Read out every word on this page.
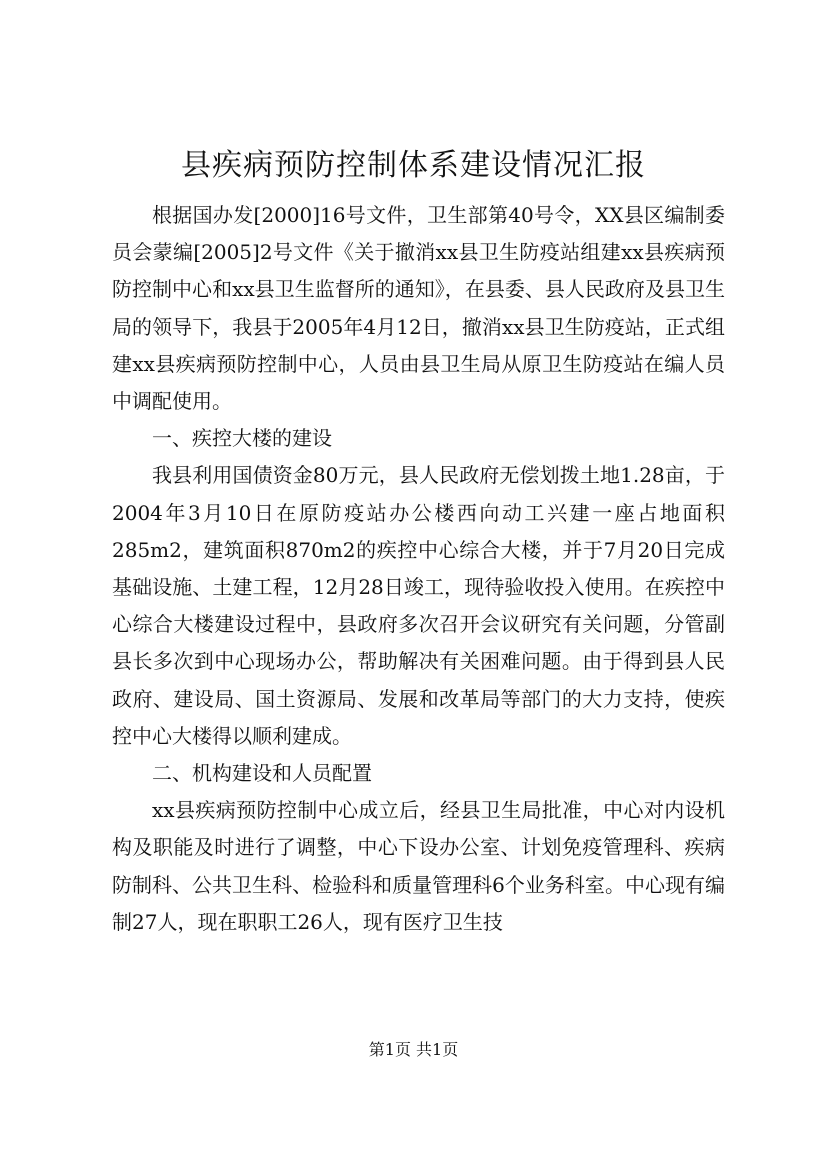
县疾病预防控制体系建设情况汇报

根据国办发[2000]16号文件，卫生部第40号令，XX县区编制委员会蒙编[2005]2号文件《关于撤消xx县卫生防疫站组建xx县疾病预防控制中心和xx县卫生监督所的通知》，在县委、县人民政府及县卫生局的领导下，我县于2005年4月12日，撤消xx县卫生防疫站，正式组建xx县疾病预防控制中心，人员由县卫生局从原卫生防疫站在编人员中调配使用。

一、疾控大楼的建设

我县利用国债资金80万元，县人民政府无偿划拨土地1.28亩，于2004年3月10日在原防疫站办公楼西向动工兴建一座占地面积285m2，建筑面积870m2的疾控中心综合大楼，并于7月20日完成基础设施、土建工程，12月28日竣工，现待验收投入使用。在疾控中心综合大楼建设过程中，县政府多次召开会议研究有关问题，分管副县长多次到中心现场办公，帮助解决有关困难问题。由于得到县人民政府、建设局、国土资源局、发展和改革局等部门的大力支持，使疾控中心大楼得以顺利建成。

二、机构建设和人员配置

xx县疾病预防控制中心成立后，经县卫生局批准，中心对内设机构及职能及时进行了调整，中心下设办公室、计划免疫管理科、疾病防制科、公共卫生科、检验科和质量管理科6个业务科室。中心现有编制27人，现在职职工26人，现有医疗卫生技

第1页 共1页
